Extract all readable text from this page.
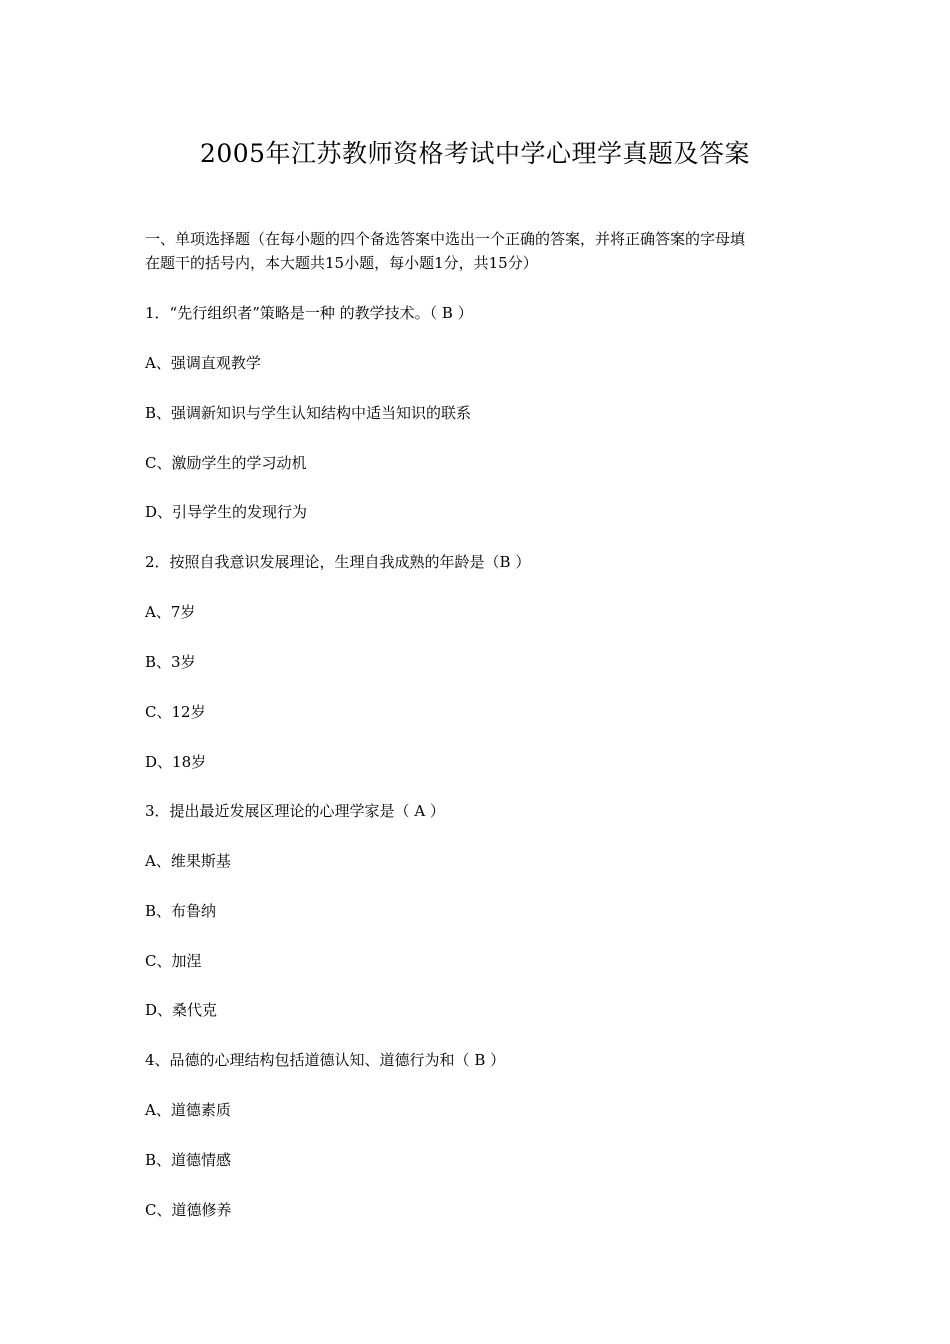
2005年江苏教师资格考试中学心理学真题及答案
一、单项选择题（在每小题的四个备选答案中选出一个正确的答案，并将正确答案的字母填
在题干的括号内，本大题共15小题，每小题1分，共15分）
1．“先行组织者”策略是一种 的教学技术。（ B ）
A、强调直观教学
B、强调新知识与学生认知结构中适当知识的联系
C、激励学生的学习动机
D、引导学生的发现行为
2．按照自我意识发展理论，生理自我成熟的年龄是（B ）
A、7岁
B、3岁
C、12岁
D、18岁
3．提出最近发展区理论的心理学家是（ A ）
A、维果斯基
B、布鲁纳
C、加涅
D、桑代克
4、品德的心理结构包括道德认知、道德行为和（ B ）
A、道德素质
B、道德情感
C、道德修养
